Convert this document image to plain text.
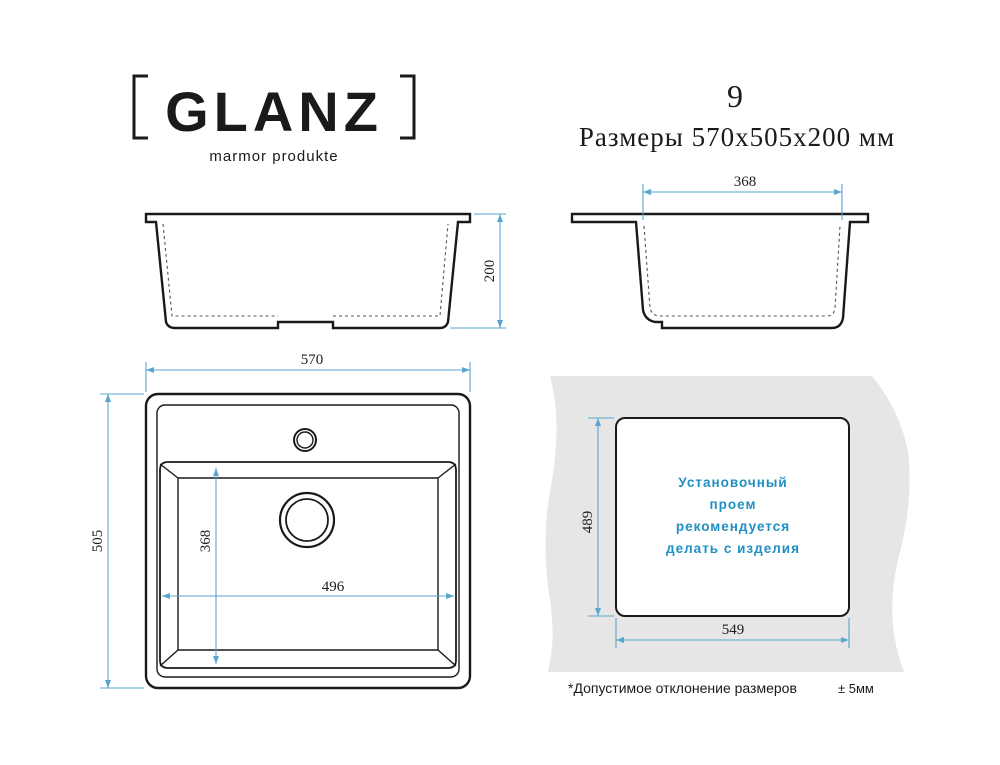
GLANZ
marmor produkte
9
Размеры 570x505x200 мм
200
368
570
505	368
496
Установочный
проем
рекомендуется
делать с изделия
489
549
*Допустимое отклонение размеров	± 5мм
